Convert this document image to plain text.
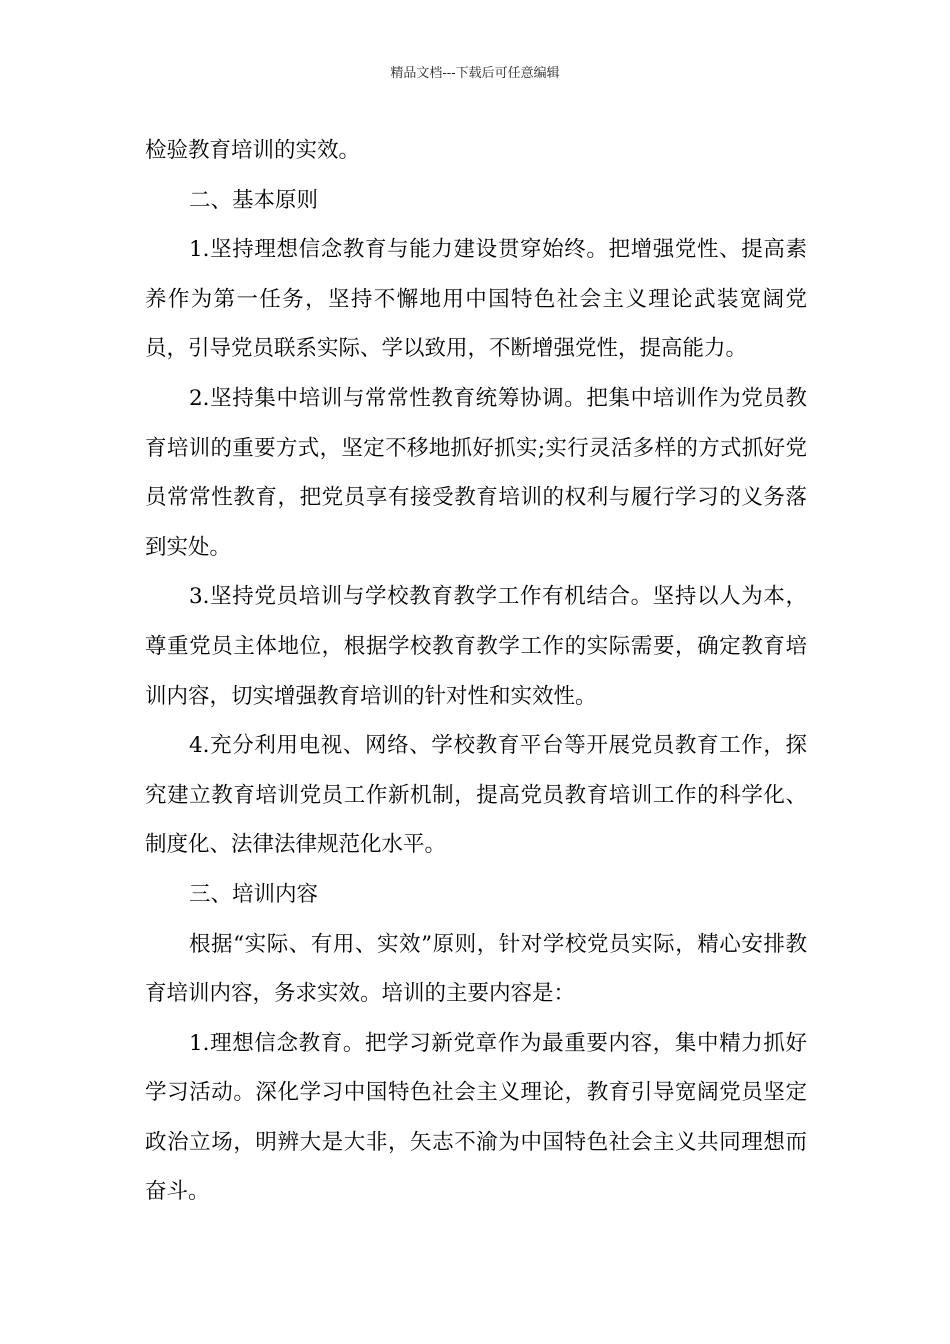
精品文档---下载后可任意编辑

检验教育培训的实效。

二、基本原则

1.坚持理想信念教育与能力建设贯穿始终。把增强党性、提高素养作为第一任务，坚持不懈地用中国特色社会主义理论武装宽阔党员，引导党员联系实际、学以致用，不断增强党性，提高能力。

2.坚持集中培训与常常性教育统筹协调。把集中培训作为党员教育培训的重要方式，坚定不移地抓好抓实;实行灵活多样的方式抓好党员常常性教育，把党员享有接受教育培训的权利与履行学习的义务落到实处。

3.坚持党员培训与学校教育教学工作有机结合。坚持以人为本，尊重党员主体地位，根据学校教育教学工作的实际需要，确定教育培训内容，切实增强教育培训的针对性和实效性。

4.充分利用电视、网络、学校教育平台等开展党员教育工作，探究建立教育培训党员工作新机制，提高党员教育培训工作的科学化、制度化、法律法律规范化水平。

三、培训内容

根据“实际、有用、实效”原则，针对学校党员实际，精心安排教育培训内容，务求实效。培训的主要内容是：

1.理想信念教育。把学习新党章作为最重要内容，集中精力抓好学习活动。深化学习中国特色社会主义理论，教育引导宽阔党员坚定政治立场，明辨大是大非，矢志不渝为中国特色社会主义共同理想而奋斗。
